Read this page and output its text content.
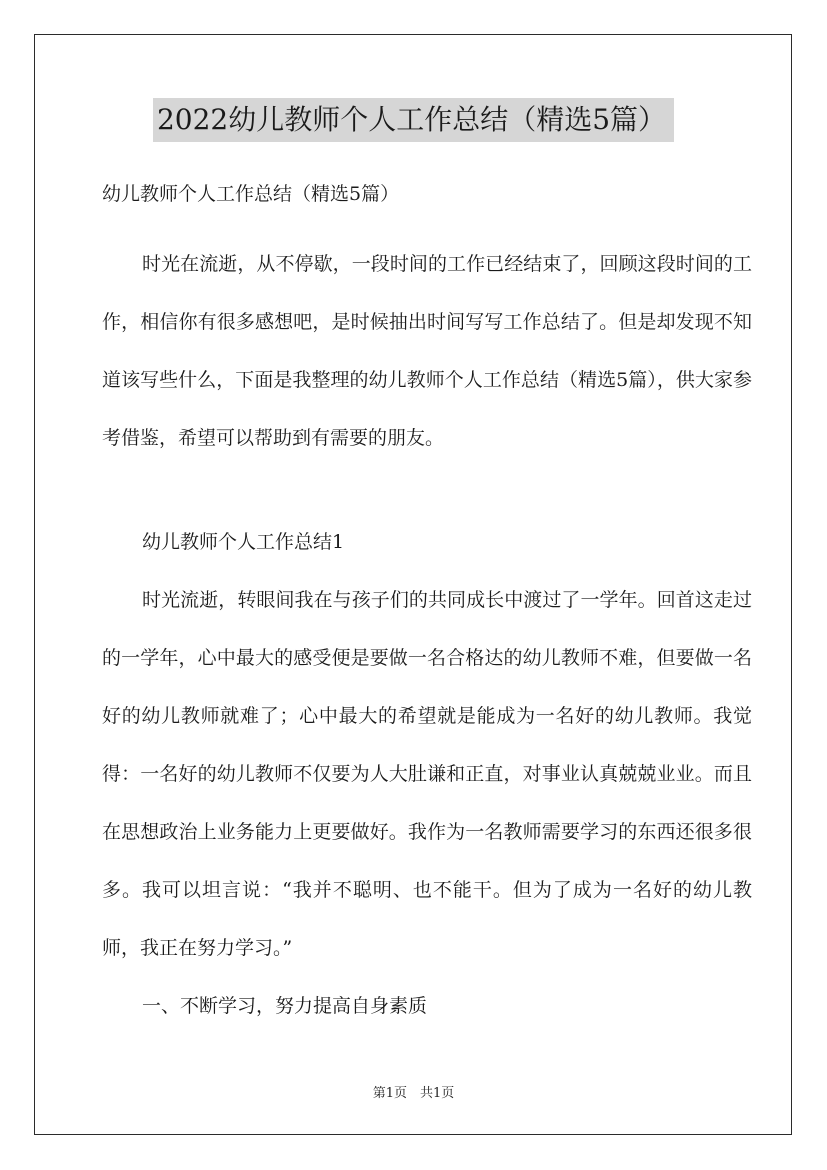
2022幼儿教师个人工作总结（精选5篇）

幼儿教师个人工作总结（精选5篇）

时光在流逝，从不停歇，一段时间的工作已经结束了，回顾这段时间的工作，相信你有很多感想吧，是时候抽出时间写写工作总结了。但是却发现不知道该写些什么，下面是我整理的幼儿教师个人工作总结（精选5篇），供大家参考借鉴，希望可以帮助到有需要的朋友。

幼儿教师个人工作总结1

时光流逝，转眼间我在与孩子们的共同成长中渡过了一学年。回首这走过的一学年，心中最大的感受便是要做一名合格达的幼儿教师不难，但要做一名好的幼儿教师就难了；心中最大的希望就是能成为一名好的幼儿教师。我觉得：一名好的幼儿教师不仅要为人大肚谦和正直，对事业认真兢兢业业。而且在思想政治上业务能力上更要做好。我作为一名教师需要学习的东西还很多很多。我可以坦言说：“我并不聪明、也不能干。但为了成为一名好的幼儿教师，我正在努力学习。”

一、不断学习，努力提高自身素质

第1页　共1页
